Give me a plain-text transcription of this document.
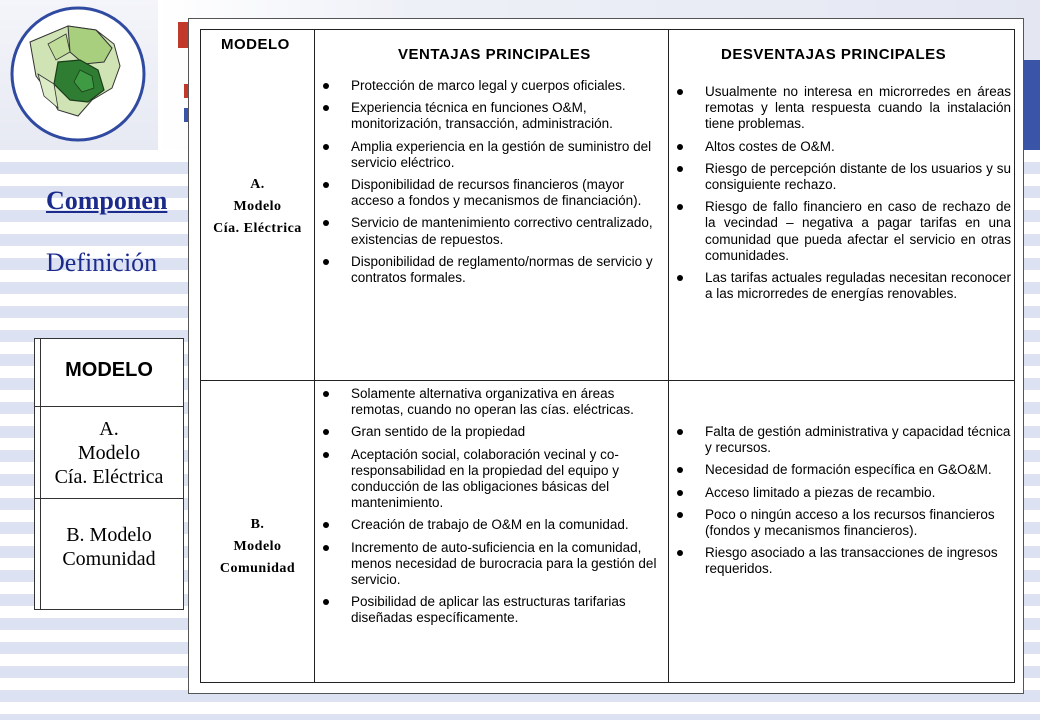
Componen
Definición
MODELO
A.
Modelo
Cía. Eléctrica
B. Modelo
Comunidad
MODELO
VENTAJAS PRINCIPALES	DESVENTAJAS PRINCIPALES
A.
Modelo
Cía. Eléctrica
Protección de marco legal y cuerpos oficiales.
Experiencia técnica en funciones O&M, monitorización, transacción, administración.
Amplia experiencia en la gestión de suministro del servicio eléctrico.
Disponibilidad de recursos financieros (mayor acceso a fondos y mecanismos de financiación).
Servicio de mantenimiento correctivo centralizado, existencias de repuestos.
Disponibilidad de reglamento/normas de servicio y contratos formales.
Usualmente no interesa en microrredes en áreas remotas y lenta respuesta cuando la instalación tiene problemas.
Altos costes de O&M.
Riesgo de percepción distante de los usuarios y su consiguiente rechazo.
Riesgo de fallo financiero en caso de rechazo de la vecindad – negativa a pagar tarifas en una comunidad que pueda afectar el servicio en otras comunidades.
Las tarifas actuales reguladas necesitan reconocer a las microrredes de energías renovables.
B.
Modelo
Comunidad
Solamente alternativa organizativa en áreas remotas, cuando no operan las cías. eléctricas.
Gran sentido de la propiedad
Aceptación social, colaboración vecinal y co-responsabilidad en la propiedad del equipo y conducción de las obligaciones básicas del mantenimiento.
Creación de trabajo de O&M en la comunidad.
Incremento de auto-suficiencia en la comunidad, menos necesidad de burocracia para la gestión del servicio.
Posibilidad de aplicar las estructuras tarifarias diseñadas específicamente.
Falta de gestión administrativa y capacidad técnica y recursos.
Necesidad de formación específica en G&O&M.
Acceso limitado a piezas de recambio.
Poco o ningún acceso a los recursos financieros (fondos y mecanismos financieros).
Riesgo asociado a las transacciones de ingresos requeridos.
